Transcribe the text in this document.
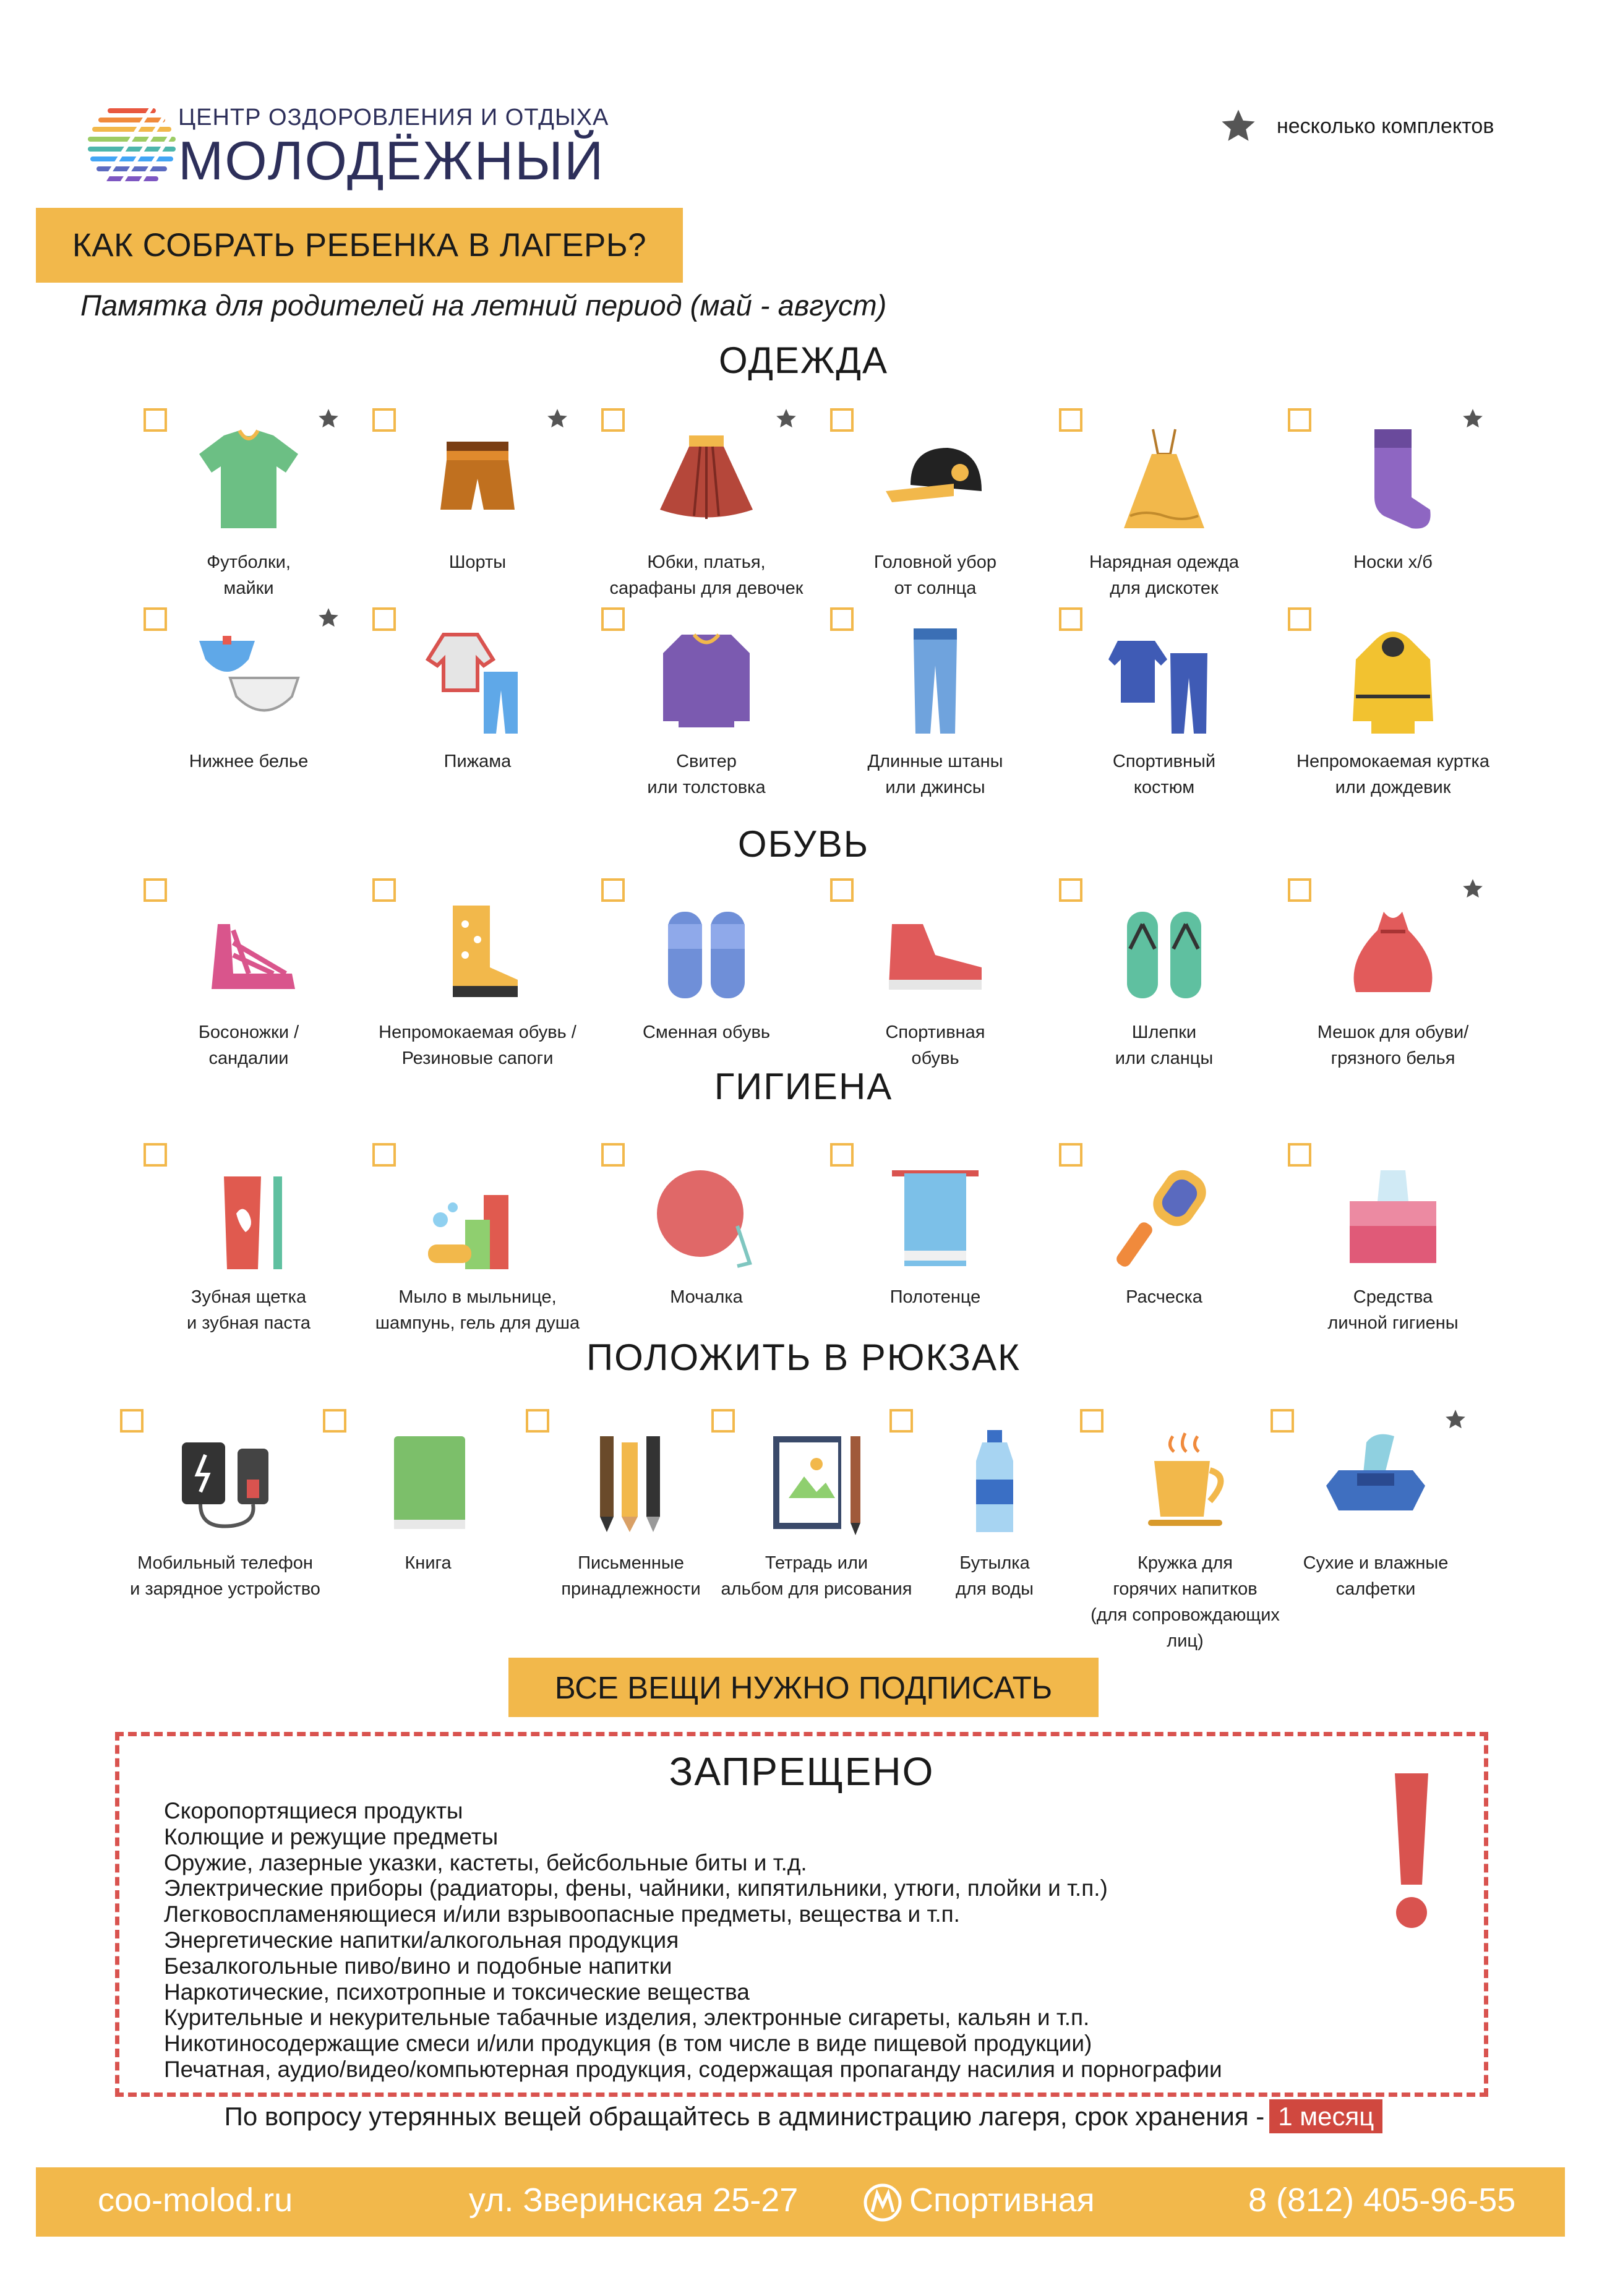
ЦЕНТР ОЗДОРОВЛЕНИЯ И ОТДЫХА
МОЛОДЁЖНЫЙ
несколько комплектов
КАК СОБРАТЬ РЕБЕНКА В ЛАГЕРЬ?
Памятка для родителей на летний период (май - август)
ОДЕЖДА
ОБУВЬ
ГИГИЕНА
ПОЛОЖИТЬ В РЮКЗАК
Футболки,
майки
Шорты	Юбки, платья,
сарафаны для девочек
Головной убор
от солнца
Нарядная одежда
для дискотек
Носки х/б
Нижнее белье	Пижама	Свитер
или толстовка
Длинные штаны
или джинсы
Спортивный
костюм
Непромокаемая куртка
или дождевик
Босоножки /
сандалии
Непромокаемая обувь /
Резиновые сапоги
Сменная обувь	Спортивная
обувь
Шлепки
или сланцы
Мешок для обуви/
грязного белья
Зубная щетка
и зубная паста
Мыло в мыльнице,
шампунь, гель для душа
Мочалка	Полотенце	Расческа	Средства
личной гигиены
Мобильный телефон
и зарядное устройство
Книга	Письменные
принадлежности
Тетрадь или
альбом для рисования
Бутылка
для воды
Кружка для
горячих напитков
(для сопровождающих
лиц)
Сухие и влажные
салфетки
ВСЕ ВЕЩИ НУЖНО ПОДПИСАТЬ
ЗАПРЕЩЕНО
Скоропортящиеся продукты
Колющие и режущие предметы
Оружие, лазерные указки, кастеты, бейсбольные биты и т.д.
Электрические приборы (радиаторы, фены, чайники, кипятильники, утюги, плойки и т.п.)
Легковоспламеняющиеся и/или взрывоопасные предметы, вещества и т.п.
Энергетические напитки/алкогольная продукция
Безалкогольные пиво/вино и подобные напитки
Наркотические, психотропные и токсические вещества
Курительные и некурительные табачные изделия, электронные сигареты, кальян и т.п.
Никотиносодержащие смеси и/или продукция (в том числе в виде пищевой продукции)
Печатная, аудио/видео/компьютерная продукция, содержащая пропаганду насилия и порнографии
По вопросу утерянных вещей обращайтесь в администрацию лагеря, срок хранения - 1 месяц
coo-molod.ru	ул. Зверинская 25-27	Спортивная	8 (812) 405-96-55
